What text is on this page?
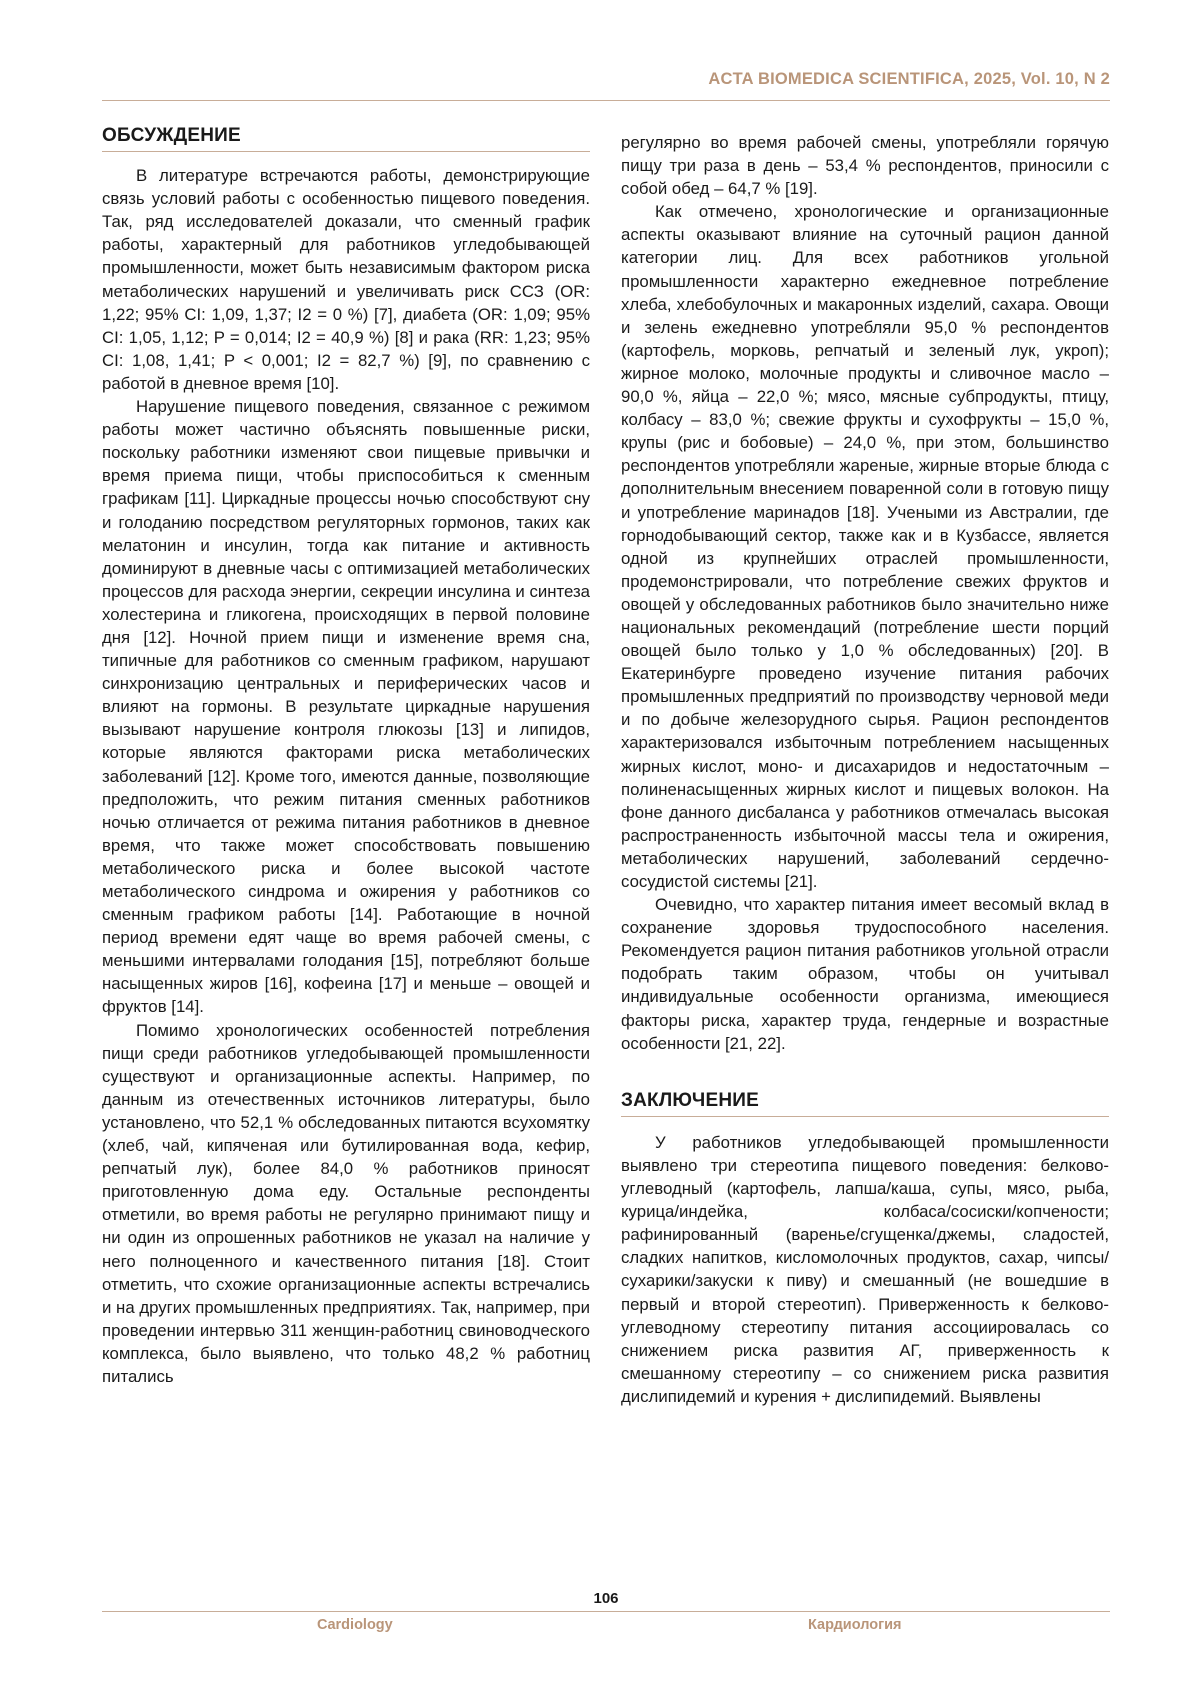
ACTA BIOMEDICA SCIENTIFICA, 2025, Vol. 10, N 2
ОБСУЖДЕНИЕ

В литературе встречаются работы, демонстрирующие связь условий работы с особенностью пищевого поведения. Так, ряд исследователей доказали, что сменный график работы, характерный для работников угледобывающей промышленности, может быть независимым фактором риска метаболических нарушений и увеличивать риск ССЗ (OR: 1,22; 95% CI: 1,09, 1,37; I2 = 0 %) [7], диабета (OR: 1,09; 95% CI: 1,05, 1,12; P = 0,014; I2 = 40,9 %) [8] и рака (RR: 1,23; 95% CI: 1,08, 1,41; P < 0,001; I2 = 82,7 %) [9], по сравнению с работой в дневное время [10].

Нарушение пищевого поведения, связанное с режимом работы может частично объяснять повышенные риски, поскольку работники изменяют свои пищевые привычки и время приема пищи, чтобы приспособиться к сменным графикам [11]. Циркадные процессы ночью способствуют сну и голоданию посредством регуляторных гормонов, таких как мелатонин и инсулин, тогда как питание и активность доминируют в дневные часы с оптимизацией метаболических процессов для расхода энергии, секреции инсулина и синтеза холестерина и гликогена, происходящих в первой половине дня [12]. Ночной прием пищи и изменение время сна, типичные для работников со сменным графиком, нарушают синхронизацию центральных и периферических часов и влияют на гормоны. В результате циркадные нарушения вызывают нарушение контроля глюкозы [13] и липидов, которые являются факторами риска метаболических заболеваний [12]. Кроме того, имеются данные, позволяющие предположить, что режим питания сменных работников ночью отличается от режима питания работников в дневное время, что также может способствовать повышению метаболического риска и более высокой частоте метаболического синдрома и ожирения у работников со сменным графиком работы [14]. Работающие в ночной период времени едят чаще во время рабочей смены, с меньшими интервалами голодания [15], потребляют больше насыщенных жиров [16], кофеина [17] и меньше – овощей и фруктов [14].

Помимо хронологических особенностей потребления пищи среди работников угледобывающей промышленности существуют и организационные аспекты. Например, по данным из отечественных источников литературы, было установлено, что 52,1 % обследованных питаются всухомятку (хлеб, чай, кипяченая или бутилированная вода, кефир, репчатый лук), более 84,0 % работников приносят приготовленную дома еду. Остальные респонденты отметили, во время работы не регулярно принимают пищу и ни один из опрошенных работников не указал на наличие у него полноценного и качественного питания [18]. Стоит отметить, что схожие организационные аспекты встречались и на других промышленных предприятиях. Так, например, при проведении интервью 311 женщин-работниц свиноводческого комплекса, было выявлено, что только 48,2 % работниц питались

регулярно во время рабочей смены, употребляли горячую пищу три раза в день – 53,4 % респондентов, приносили с собой обед – 64,7 % [19].

Как отмечено, хронологические и организационные аспекты оказывают влияние на суточный рацион данной категории лиц. Для всех работников угольной промышленности характерно ежедневное потребление хлеба, хлебобулочных и макаронных изделий, сахара. Овощи и зелень ежедневно употребляли 95,0 % респондентов (картофель, морковь, репчатый и зеленый лук, укроп); жирное молоко, молочные продукты и сливочное масло – 90,0 %, яйца – 22,0 %; мясо, мясные субпродукты, птицу, колбасу – 83,0 %; свежие фрукты и сухофрукты – 15,0 %, крупы (рис и бобовые) – 24,0 %, при этом, большинство респондентов употребляли жареные, жирные вторые блюда с дополнительным внесением поваренной соли в готовую пищу и употребление маринадов [18]. Учеными из Австралии, где горнодобывающий сектор, также как и в Кузбассе, является одной из крупнейших отраслей промышленности, продемонстрировали, что потребление свежих фруктов и овощей у обследованных работников было значительно ниже национальных рекомендаций (потребление шести порций овощей было только у 1,0 % обследованных) [20]. В Екатеринбурге проведено изучение питания рабочих промышленных предприятий по производству черновой меди и по добыче железорудного сырья. Рацион респондентов характеризовался избыточным потреблением насыщенных жирных кислот, моно- и дисахаридов и недостаточным – полиненасыщенных жирных кислот и пищевых волокон. На фоне данного дисбаланса у работников отмечалась высокая распространенность избыточной массы тела и ожирения, метаболических нарушений, заболеваний сердечно-сосудистой системы [21].

Очевидно, что характер питания имеет весомый вклад в сохранение здоровья трудоспособного населения. Рекомендуется рацион питания работников угольной отрасли подобрать таким образом, чтобы он учитывал индивидуальные особенности организма, имеющиеся факторы риска, характер труда, гендерные и возрастные особенности [21, 22].

ЗАКЛЮЧЕНИЕ

У работников угледобывающей промышленности выявлено три стереотипа пищевого поведения: белково-углеводный (картофель, лапша/каша, супы, мясо, рыба, курица/индейка, колбаса/сосиски/копчености; рафинированный (варенье/сгущенка/джемы, сладостей, сладких напитков, кисломолочных продуктов, сахар, чипсы/сухарики/закуски к пиву) и смешанный (не вошедшие в первый и второй стереотип). Приверженность к белково-углеводному стереотипу питания ассоциировалась со снижением риска развития АГ, приверженность к смешанному стереотипу – со снижением риска развития дислипидемий и курения + дислипидемий. Выявлены

106
Cardiology	Кардиология
